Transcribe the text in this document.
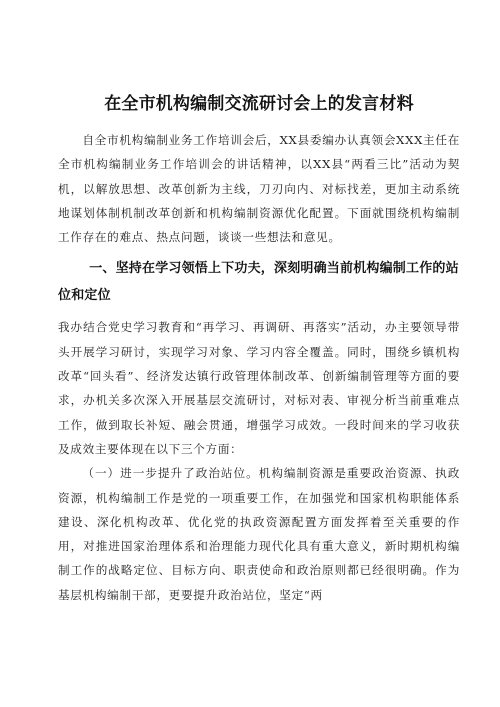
在全市机构编制交流研讨会上的发言材料

自全市机构编制业务工作培训会后，XX县委编办认真领会XXX主任在全市机构编制业务工作培训会的讲话精神，以XX县“两看三比”活动为契机，以解放思想、改革创新为主线，刀刃向内、对标找差，更加主动系统地谋划体制机制改革创新和机构编制资源优化配置。下面就围绕机构编制工作存在的难点、热点问题，谈谈一些想法和意见。

一、坚持在学习领悟上下功夫，深刻明确当前机构编制工作的站位和定位

我办结合党史学习教育和“再学习、再调研、再落实”活动，办主要领导带头开展学习研讨，实现学习对象、学习内容全覆盖。同时，围绕乡镇机构改革“回头看”、经济发达镇行政管理体制改革、创新编制管理等方面的要求，办机关多次深入开展基层交流研讨，对标对表、审视分析当前重难点工作，做到取长补短、融会贯通，增强学习成效。一段时间来的学习收获及成效主要体现在以下三个方面：

（一）进一步提升了政治站位。机构编制资源是重要政治资源、执政资源，机构编制工作是党的一项重要工作，在加强党和国家机构职能体系建设、深化机构改革、优化党的执政资源配置方面发挥着至关重要的作用，对推进国家治理体系和治理能力现代化具有重大意义，新时期机构编制工作的战略定位、目标方向、职责使命和政治原则都已经很明确。作为基层机构编制干部，更要提升政治站位，坚定“两
